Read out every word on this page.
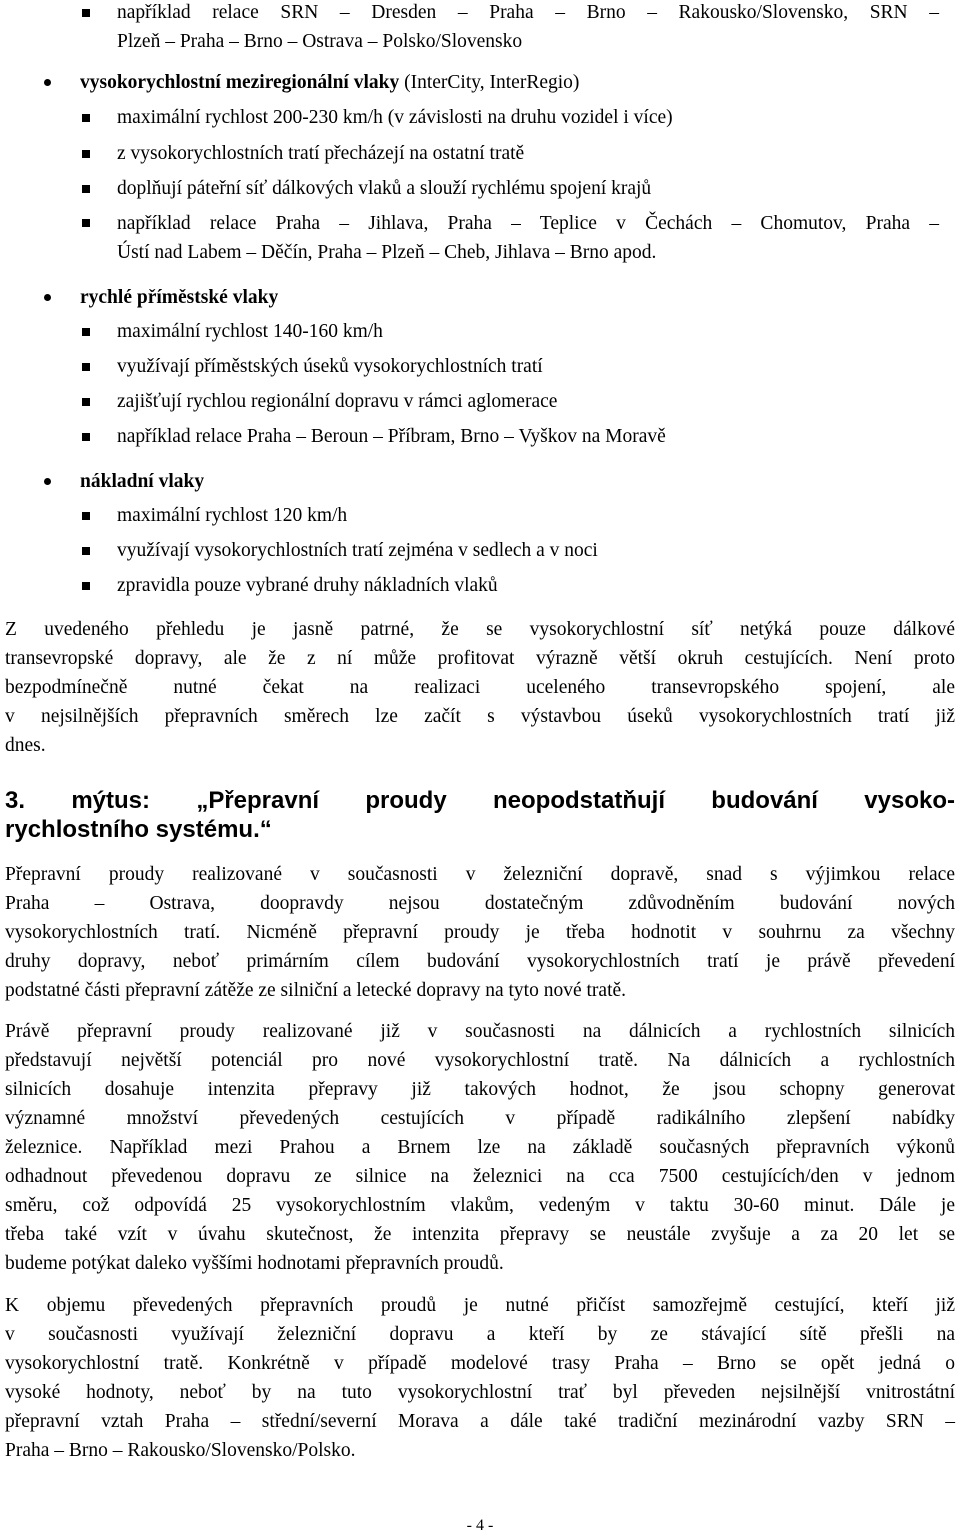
například relace SRN – Dresden – Praha – Brno – Rakousko/Slovensko, SRN –
Plzeň – Praha – Brno – Ostrava – Polsko/Slovensko
vysokorychlostní meziregionální vlaky (InterCity, InterRegio)
maximální rychlost 200-230 km/h (v závislosti na druhu vozidel i více)
z vysokorychlostních tratí přecházejí na ostatní tratě
doplňují páteřní síť dálkových vlaků a slouží rychlému spojení krajů
například relace Praha – Jihlava, Praha – Teplice v Čechách – Chomutov, Praha –
Ústí nad Labem – Děčín, Praha – Plzeň – Cheb, Jihlava – Brno apod.
rychlé příměstské vlaky
maximální rychlost 140-160 km/h
využívají příměstských úseků vysokorychlostních tratí
zajišťují rychlou regionální dopravu v rámci aglomerace
například relace Praha – Beroun – Příbram, Brno – Vyškov na Moravě
nákladní vlaky
maximální rychlost 120 km/h
využívají vysokorychlostních tratí zejména v sedlech a v noci
zpravidla pouze vybrané druhy nákladních vlaků
Z uvedeného přehledu je jasně patrné, že se vysokorychlostní síť netýká pouze dálkové
transevropské dopravy, ale že z ní může profitovat výrazně větší okruh cestujících. Není proto
bezpodmínečně nutné čekat na realizaci uceleného transevropského spojení, ale
v nejsilnějších přepravních směrech lze začít s výstavbou úseků vysokorychlostních tratí již
dnes.
3. mýtus: „Přepravní proudy neopodstatňují budování vysoko-
rychlostního systému.“
Přepravní proudy realizované v současnosti v železniční dopravě, snad s výjimkou relace
Praha – Ostrava, doopravdy nejsou dostatečným zdůvodněním budování nových
vysokorychlostních tratí. Nicméně přepravní proudy je třeba hodnotit v souhrnu za všechny
druhy dopravy, neboť primárním cílem budování vysokorychlostních tratí je právě převedení
podstatné části přepravní zátěže ze silniční a letecké dopravy na tyto nové tratě.
Právě přepravní proudy realizované již v současnosti na dálnicích a rychlostních silnicích
představují největší potenciál pro nové vysokorychlostní tratě. Na dálnicích a rychlostních
silnicích dosahuje intenzita přepravy již takových hodnot, že jsou schopny generovat
významné množství převedených cestujících v případě radikálního zlepšení nabídky
železnice. Například mezi Prahou a Brnem lze na základě současných přepravních výkonů
odhadnout převedenou dopravu ze silnice na železnici na cca 7500 cestujících/den v jednom
směru, což odpovídá 25 vysokorychlostním vlakům, vedeným v taktu 30-60 minut. Dále je
třeba také vzít v úvahu skutečnost, že intenzita přepravy se neustále zvyšuje a za 20 let se
budeme potýkat daleko vyššími hodnotami přepravních proudů.
K objemu převedených přepravních proudů je nutné přičíst samozřejmě cestující, kteří již
v současnosti využívají železniční dopravu a kteří by ze stávající sítě přešli na
vysokorychlostní tratě. Konkrétně v případě modelové trasy Praha – Brno se opět jedná o
vysoké hodnoty, neboť by na tuto vysokorychlostní trať byl převeden nejsilnější vnitrostátní
přepravní vztah Praha – střední/severní Morava a dále také tradiční mezinárodní vazby SRN –
Praha – Brno – Rakousko/Slovensko/Polsko.
- 4 -
